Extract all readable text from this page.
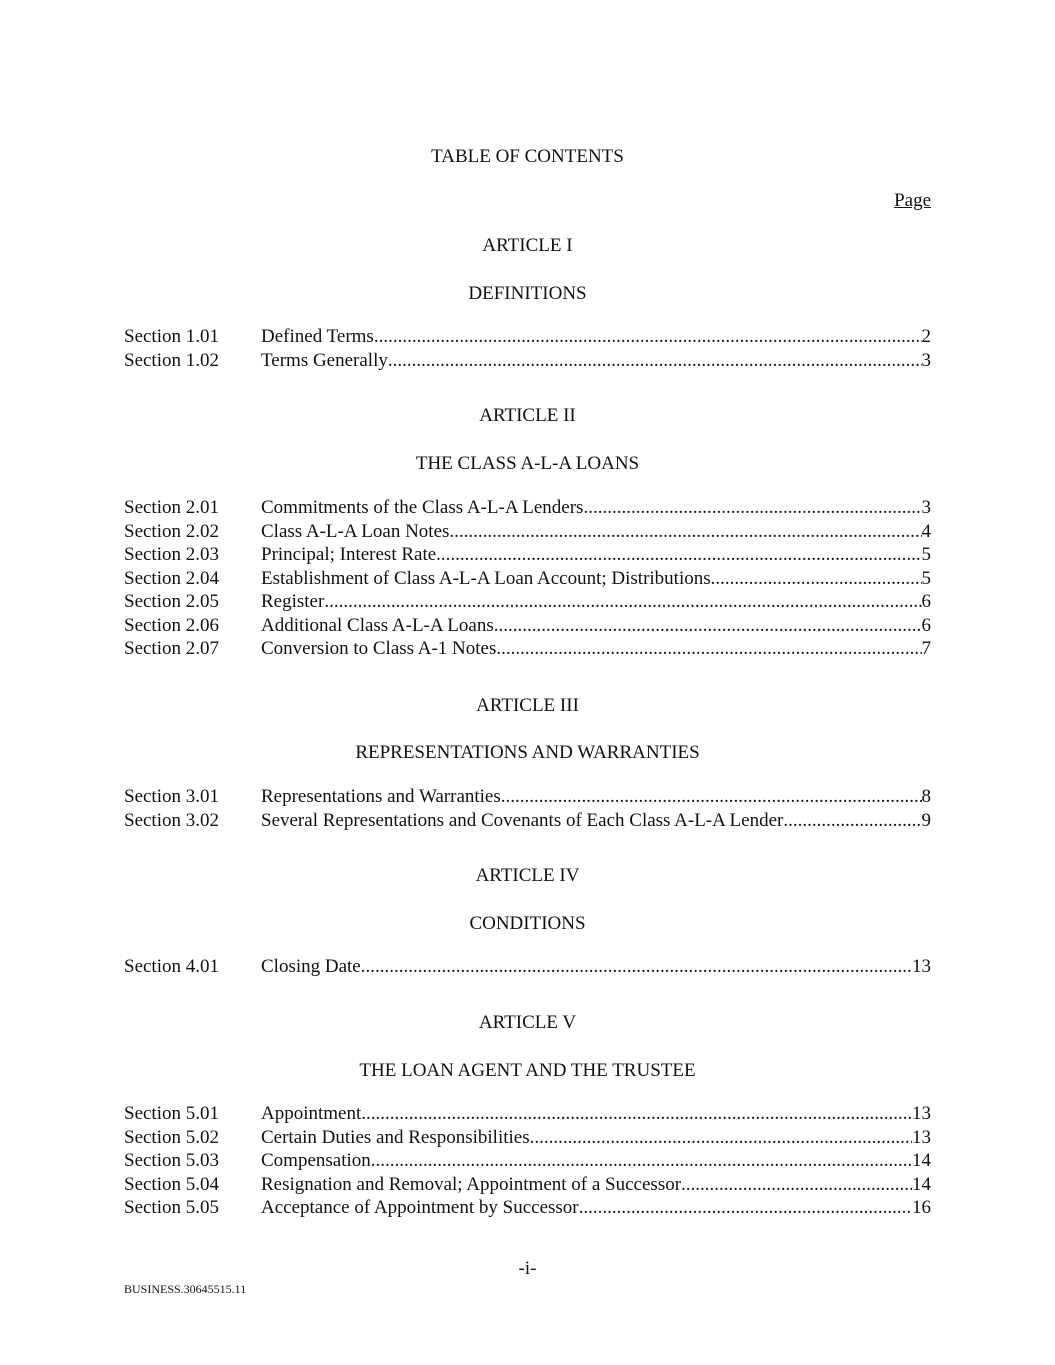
TABLE OF CONTENTS
Page
ARTICLE I
DEFINITIONS
Section 1.01	Defined Terms .....	2
Section 1.02	Terms Generally .....	3
ARTICLE II
THE CLASS A-L-A LOANS
Section 2.01	Commitments of the Class A-L-A Lenders .....	3
Section 2.02	Class A-L-A Loan Notes .....	4
Section 2.03	Principal; Interest Rate .....	5
Section 2.04	Establishment of Class A-L-A Loan Account; Distributions .....	5
Section 2.05	Register .....	6
Section 2.06	Additional Class A-L-A Loans .....	6
Section 2.07	Conversion to Class A-1 Notes .....	7
ARTICLE III
REPRESENTATIONS AND WARRANTIES
Section 3.01	Representations and Warranties .....	8
Section 3.02	Several Representations and Covenants of Each Class A-L-A Lender .....	9
ARTICLE IV
CONDITIONS
Section 4.01	Closing Date .....	13
ARTICLE V
THE LOAN AGENT AND THE TRUSTEE
Section 5.01	Appointment .....	13
Section 5.02	Certain Duties and Responsibilities .....	13
Section 5.03	Compensation .....	14
Section 5.04	Resignation and Removal; Appointment of a Successor .....	14
Section 5.05	Acceptance of Appointment by Successor .....	16
-i-
BUSINESS.30645515.11
